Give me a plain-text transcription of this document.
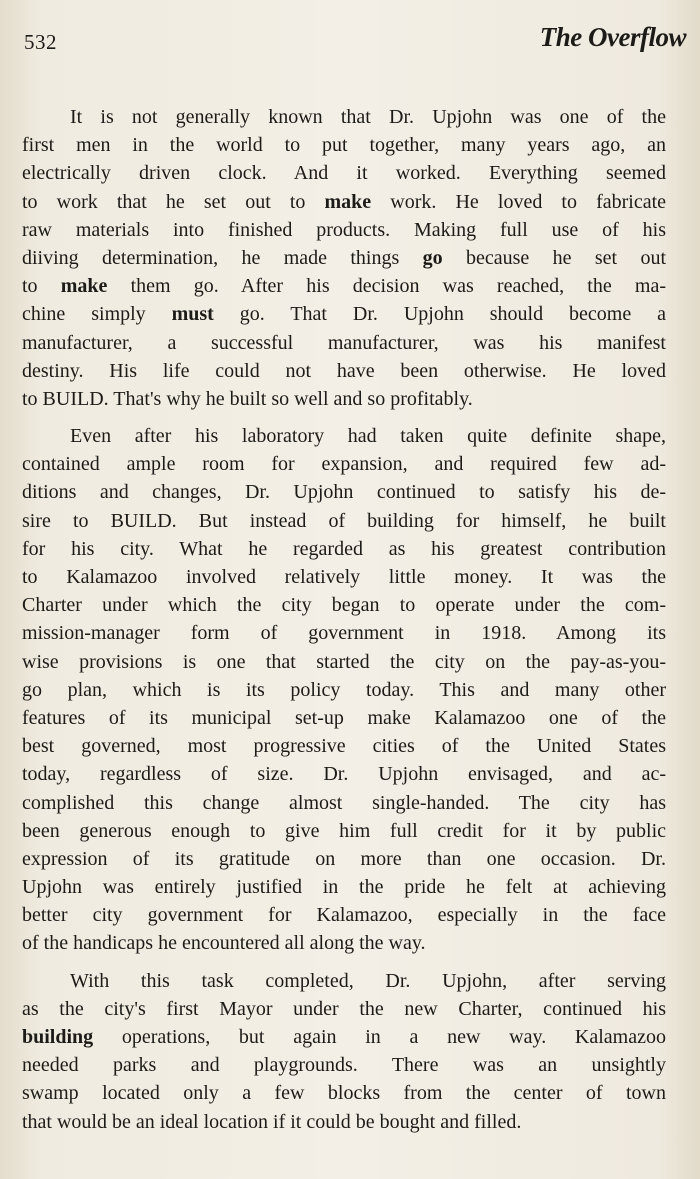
532	The Overflow
It is not generally known that Dr. Upjohn was one of the
first men in the world to put together, many years ago, an
electrically driven clock. And it worked. Everything seemed
to work that he set out to make work. He loved to fabricate
raw materials into finished products. Making full use of his
diiving determination, he made things go because he set out
to make them go. After his decision was reached, the ma-
chine simply must go. That Dr. Upjohn should become a
manufacturer, a successful manufacturer, was his manifest
destiny. His life could not have been otherwise. He loved
to BUILD. That's why he built so well and so profitably.
Even after his laboratory had taken quite definite shape,
contained ample room for expansion, and required few ad-
ditions and changes, Dr. Upjohn continued to satisfy his de-
sire to BUILD. But instead of building for himself, he built
for his city. What he regarded as his greatest contribution
to Kalamazoo involved relatively little money. It was the
Charter under which the city began to operate under the com-
mission-manager form of government in 1918. Among its
wise provisions is one that started the city on the pay-as-you-
go plan, which is its policy today. This and many other
features of its municipal set-up make Kalamazoo one of the
best governed, most progressive cities of the United States
today, regardless of size. Dr. Upjohn envisaged, and ac-
complished this change almost single-handed. The city has
been generous enough to give him full credit for it by public
expression of its gratitude on more than one occasion. Dr.
Upjohn was entirely justified in the pride he felt at achieving
better city government for Kalamazoo, especially in the face
of the handicaps he encountered all along the way.
With this task completed, Dr. Upjohn, after serving
as the city's first Mayor under the new Charter, continued his
building operations, but again in a new way. Kalamazoo
needed parks and playgrounds. There was an unsightly
swamp located only a few blocks from the center of town
that would be an ideal location if it could be bought and filled.
